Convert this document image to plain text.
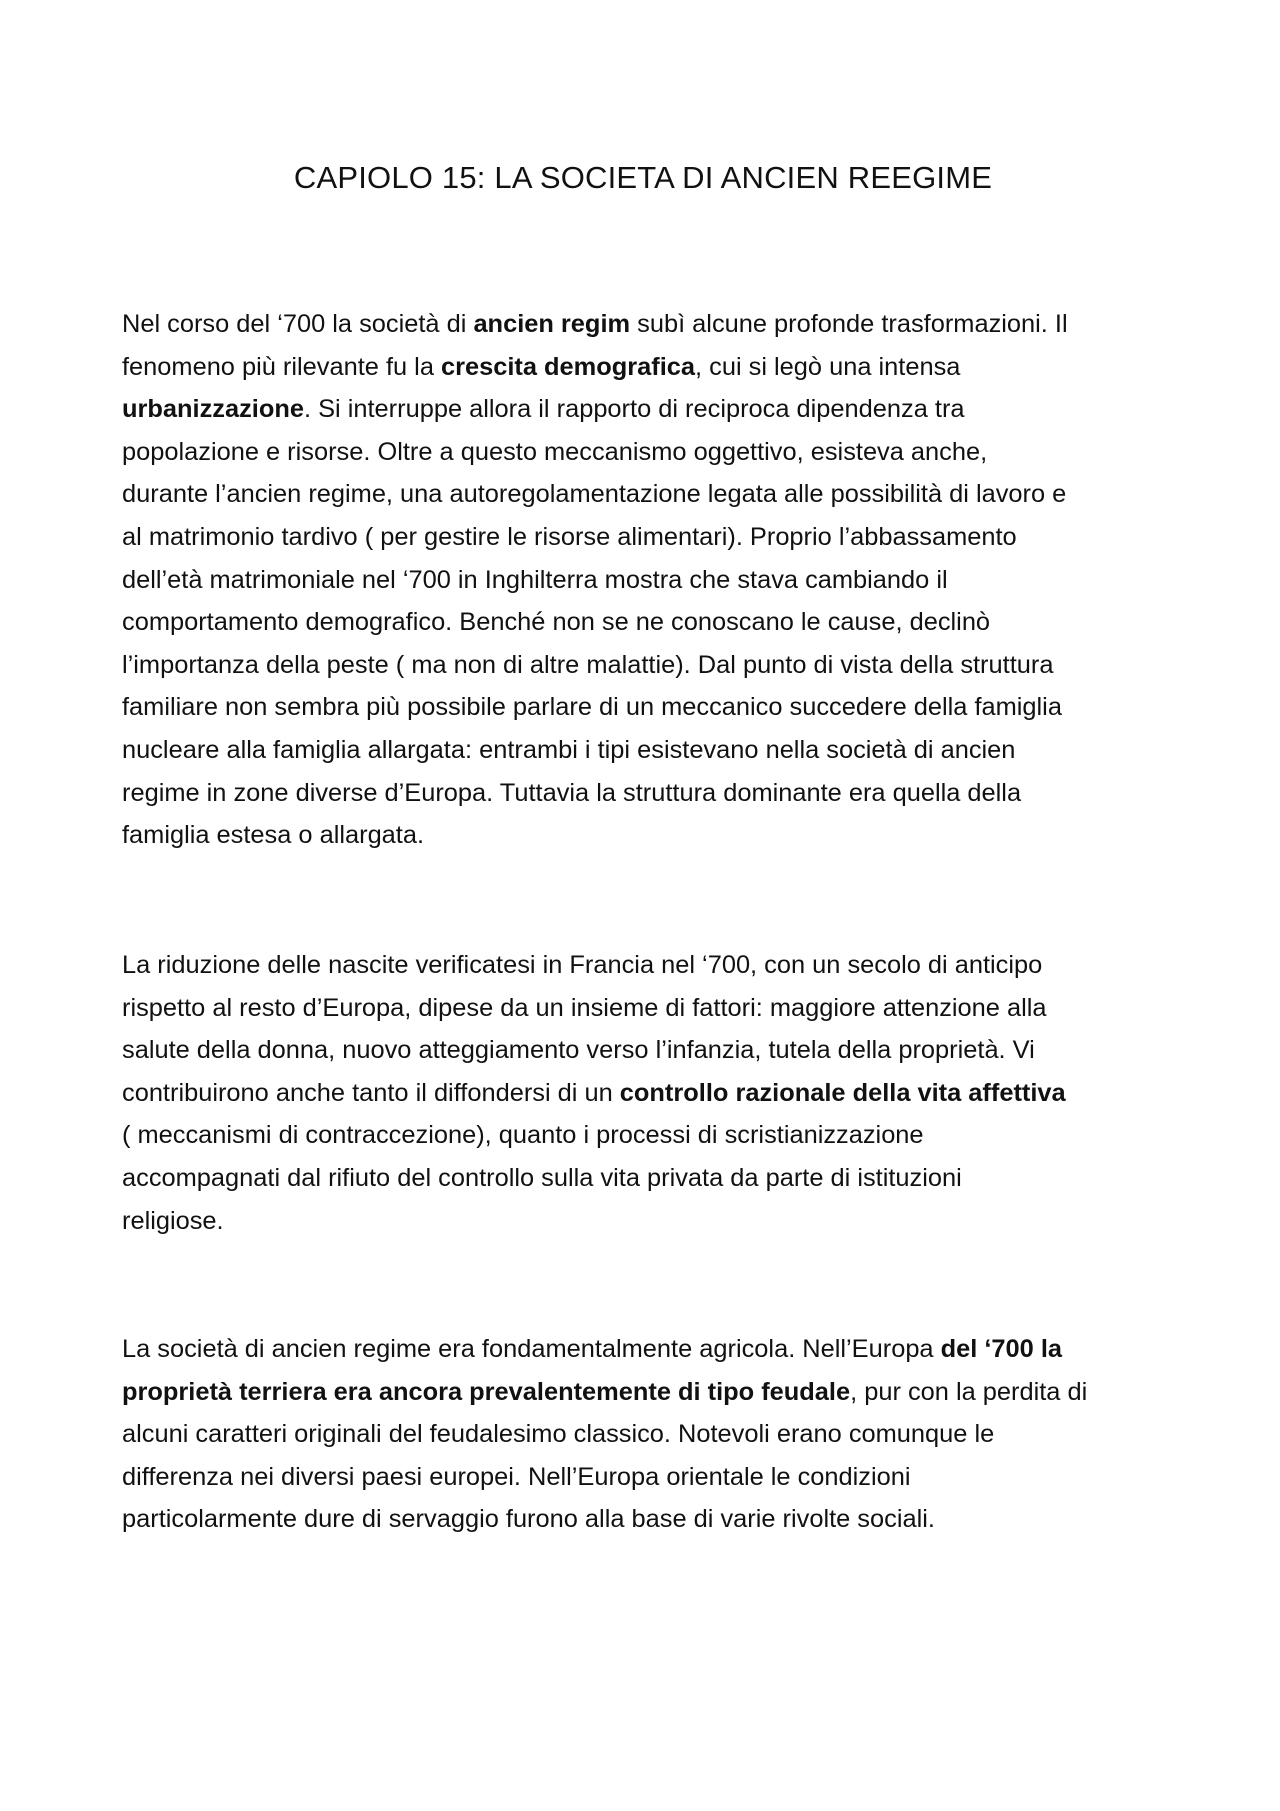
CAPIOLO 15: LA SOCIETA DI ANCIEN REEGIME
Nel corso del ‘700 la società di ancien regim subì alcune profonde trasformazioni. Il
fenomeno più rilevante fu la crescita demografica, cui si legò una intensa
urbanizzazione. Si interruppe allora il rapporto di reciproca dipendenza tra
popolazione e risorse. Oltre a questo meccanismo oggettivo, esisteva anche,
durante l’ancien regime, una autoregolamentazione legata alle possibilità di lavoro e
al matrimonio tardivo ( per gestire le risorse alimentari). Proprio l’abbassamento
dell’età matrimoniale nel ‘700 in Inghilterra mostra che stava cambiando il
comportamento demografico. Benché non se ne conoscano le cause, declinò
l’importanza della peste ( ma non di altre malattie). Dal punto di vista della struttura
familiare non sembra più possibile parlare di un meccanico succedere della famiglia
nucleare alla famiglia allargata: entrambi i tipi esistevano nella società di ancien
regime in zone diverse d’Europa. Tuttavia la struttura dominante era quella della
famiglia estesa o allargata.
La riduzione delle nascite verificatesi in Francia nel ‘700, con un secolo di anticipo
rispetto al resto d’Europa, dipese da un insieme di fattori: maggiore attenzione alla
salute della donna, nuovo atteggiamento verso l’infanzia, tutela della proprietà. Vi
contribuirono anche tanto il diffondersi di un controllo razionale della vita affettiva
( meccanismi di contraccezione), quanto i processi di scristianizzazione
accompagnati dal rifiuto del controllo sulla vita privata da parte di istituzioni
religiose.
La società di ancien regime era fondamentalmente agricola. Nell’Europa del ‘700 la
proprietà terriera era ancora prevalentemente di tipo feudale, pur con la perdita di
alcuni caratteri originali del feudalesimo classico. Notevoli erano comunque le
differenza nei diversi paesi europei. Nell’Europa orientale le condizioni
particolarmente dure di servaggio furono alla base di varie rivolte sociali.
